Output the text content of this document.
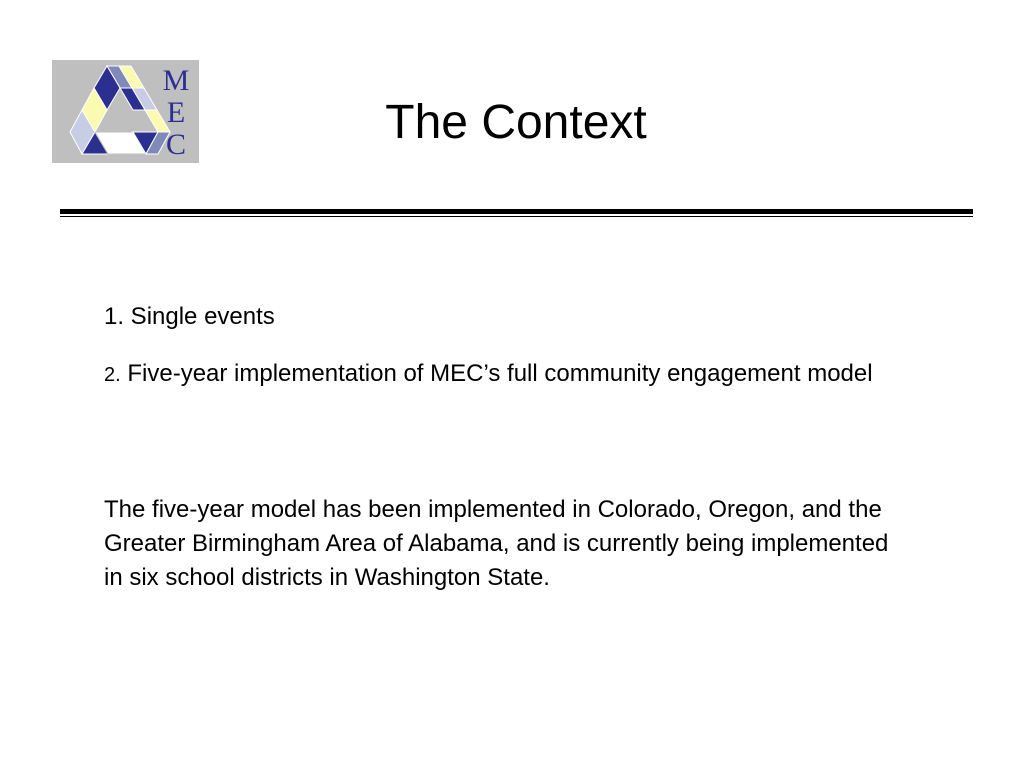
M
E
C	The Context

1. Single events

2. Five-year implementation of MEC’s full community engagement model

The five-year model has been implemented in Colorado, Oregon, and the Greater Birmingham Area of Alabama, and is currently being implemented in six school districts in Washington State.
